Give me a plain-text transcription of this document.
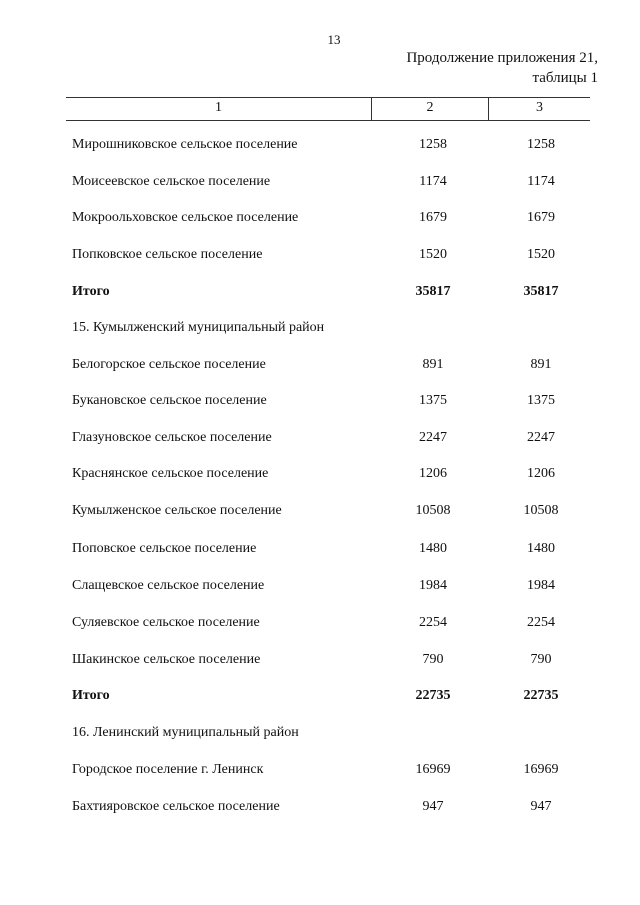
13
Продолжение приложения 21,
таблицы 1
1	2	3
Мирошниковское сельское поселение	1258	1258
Моисеевское сельское поселение	1174	1174
Мокроольховское сельское поселение	1679	1679
Попковское сельское поселение	1520	1520
Итого	35817	35817
15. Кумылженский муниципальный район
Белогорское сельское поселение	891	891
Букановское сельское поселение	1375	1375
Глазуновское сельское поселение	2247	2247
Краснянское сельское поселение	1206	1206
Кумылженское сельское поселение	10508	10508
Поповское сельское поселение	1480	1480
Слащевское сельское поселение	1984	1984
Суляевское сельское поселение	2254	2254
Шакинское сельское поселение	790	790
Итого	22735	22735
16. Ленинский муниципальный район
Городское поселение г. Ленинск	16969	16969
Бахтияровское сельское поселение	947	947
